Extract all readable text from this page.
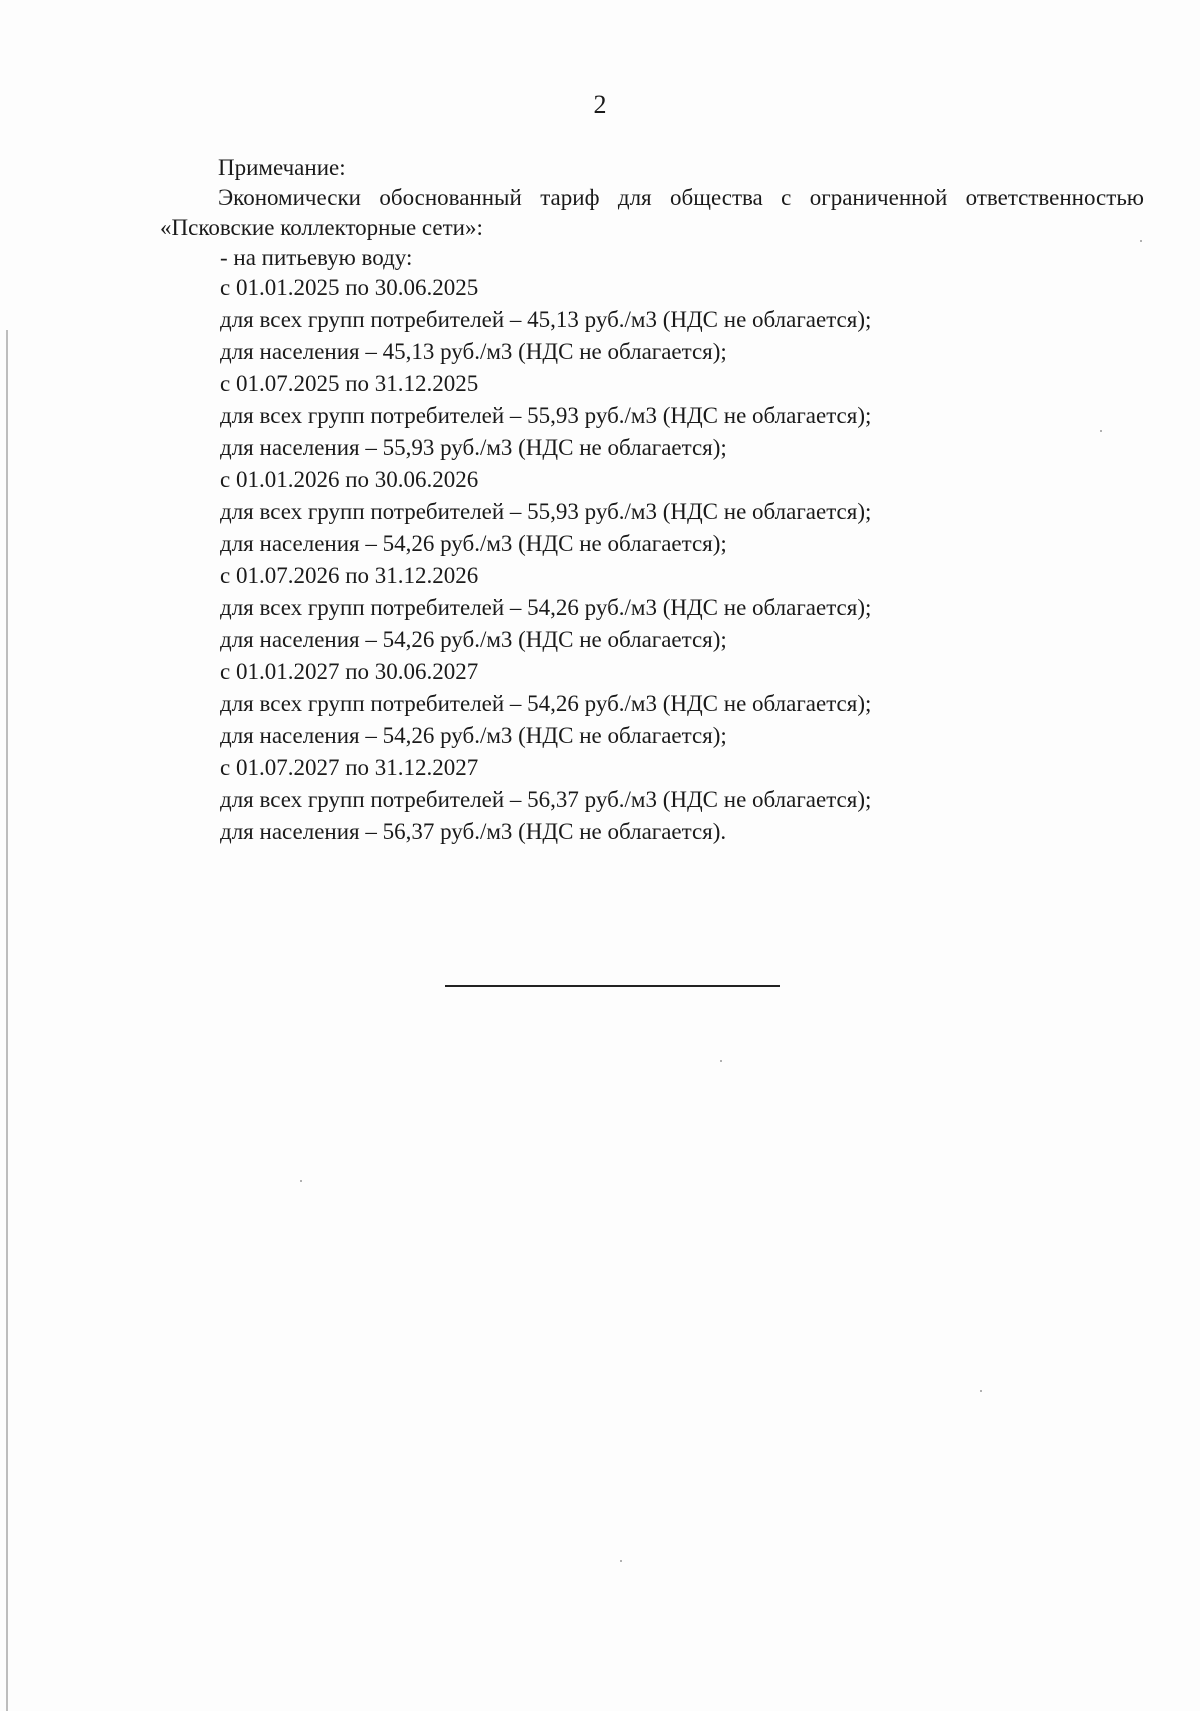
2
Примечание:
Экономически обоснованный тариф для общества с ограниченной ответственностью
«Псковские коллекторные сети»:
- на питьевую воду:
с 01.01.2025 по 30.06.2025
для всех групп потребителей – 45,13 руб./м3 (НДС не облагается);
для населения – 45,13 руб./м3 (НДС не облагается);
с 01.07.2025 по 31.12.2025
для всех групп потребителей – 55,93 руб./м3 (НДС не облагается);
для населения – 55,93 руб./м3 (НДС не облагается);
с 01.01.2026 по 30.06.2026
для всех групп потребителей – 55,93 руб./м3 (НДС не облагается);
для населения – 54,26 руб./м3 (НДС не облагается);
с 01.07.2026 по 31.12.2026
для всех групп потребителей – 54,26 руб./м3 (НДС не облагается);
для населения – 54,26 руб./м3 (НДС не облагается);
с 01.01.2027 по 30.06.2027
для всех групп потребителей – 54,26 руб./м3 (НДС не облагается);
для населения – 54,26 руб./м3 (НДС не облагается);
с 01.07.2027 по 31.12.2027
для всех групп потребителей – 56,37 руб./м3 (НДС не облагается);
для населения – 56,37 руб./м3 (НДС не облагается).
